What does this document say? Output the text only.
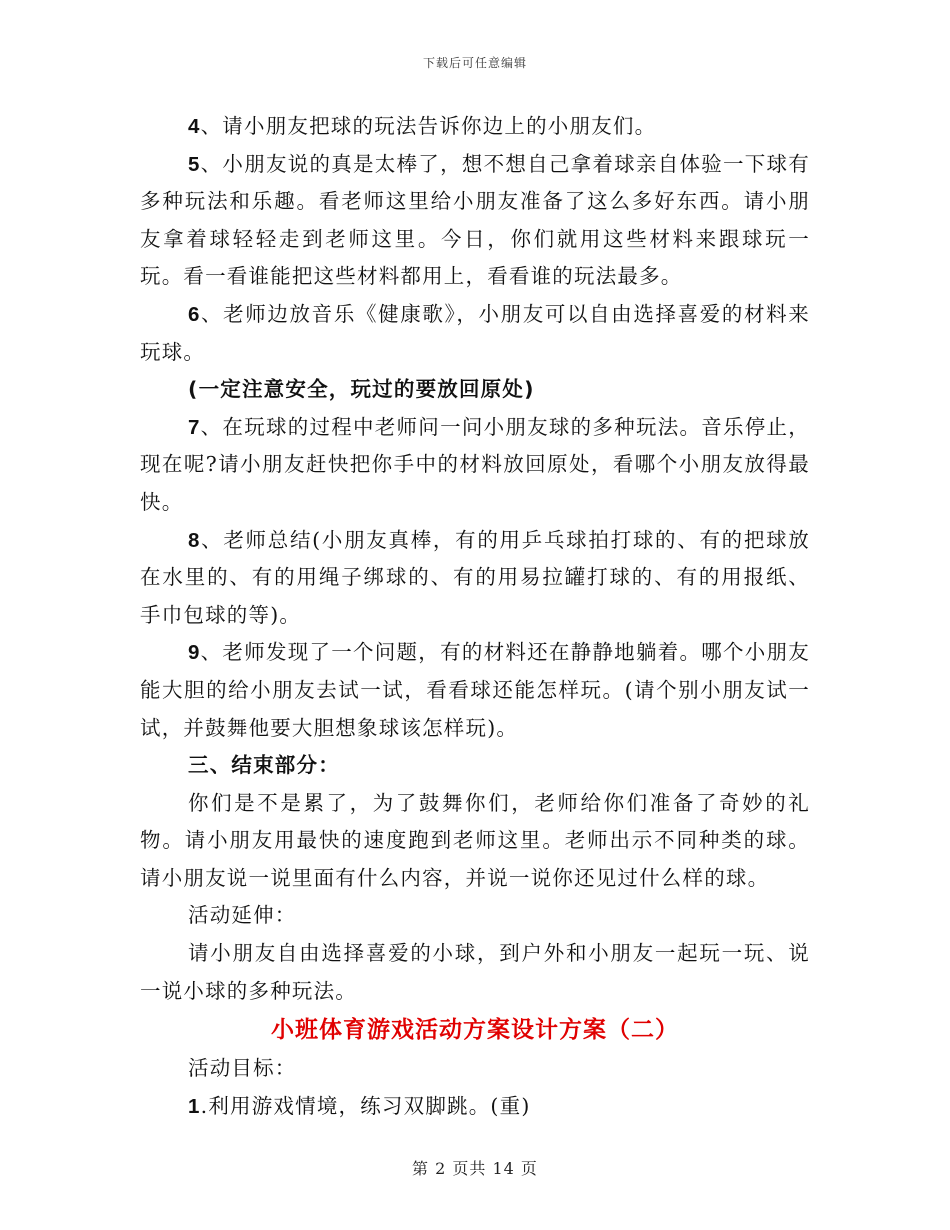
下载后可任意编辑

4、请小朋友把球的玩法告诉你边上的小朋友们。

5、小朋友说的真是太棒了，想不想自己拿着球亲自体验一下球有多种玩法和乐趣。看老师这里给小朋友准备了这么多好东西。请小朋友拿着球轻轻走到老师这里。今日，你们就用这些材料来跟球玩一玩。看一看谁能把这些材料都用上，看看谁的玩法最多。

6、老师边放音乐《健康歌》，小朋友可以自由选择喜爱的材料来玩球。

(一定注意安全，玩过的要放回原处)

7、在玩球的过程中老师问一问小朋友球的多种玩法。音乐停止，现在呢?请小朋友赶快把你手中的材料放回原处，看哪个小朋友放得最快。

8、老师总结(小朋友真棒，有的用乒乓球拍打球的、有的把球放在水里的、有的用绳子绑球的、有的用易拉罐打球的、有的用报纸、手巾包球的等)。

9、老师发现了一个问题，有的材料还在静静地躺着。哪个小朋友能大胆的给小朋友去试一试，看看球还能怎样玩。(请个别小朋友试一试，并鼓舞他要大胆想象球该怎样玩)。

三、结束部分：

你们是不是累了，为了鼓舞你们，老师给你们准备了奇妙的礼物。请小朋友用最快的速度跑到老师这里。老师出示不同种类的球。请小朋友说一说里面有什么内容，并说一说你还见过什么样的球。

活动延伸：

请小朋友自由选择喜爱的小球，到户外和小朋友一起玩一玩、说一说小球的多种玩法。

小班体育游戏活动方案设计方案（二）

活动目标：

1.利用游戏情境，练习双脚跳。(重)

第 2 页共 14 页
